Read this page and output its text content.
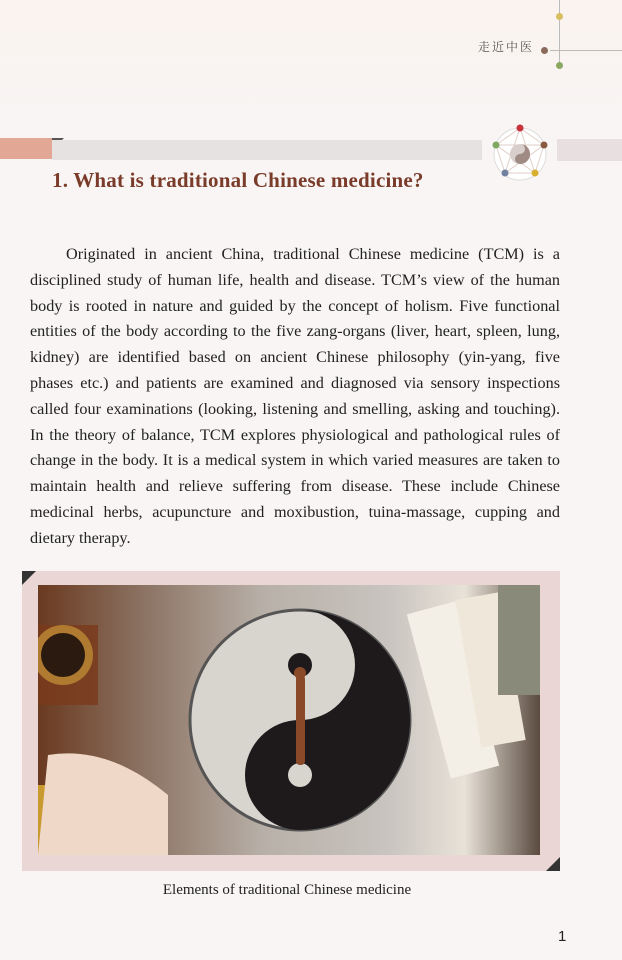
走近中医
1. What is traditional Chinese medicine?

Originated in ancient China, traditional Chinese medicine (TCM) is a disciplined study of human life, health and disease. TCM’s view of the human body is rooted in nature and guided by the concept of holism. Five functional entities of the body according to the five zang-organs (liver, heart, spleen, lung, kidney) are identified based on ancient Chinese philosophy (yin-yang, five phases etc.) and patients are examined and diagnosed via sensory inspections called four examinations (looking, listening and smelling, asking and touching). In the theory of balance, TCM explores physiological and pathological rules of change in the body. It is a medical system in which varied measures are taken to maintain health and relieve suffering from disease. These include Chinese medicinal herbs, acupuncture and moxibustion, tuina-massage, cupping and dietary therapy.

Elements of traditional Chinese medicine
1
